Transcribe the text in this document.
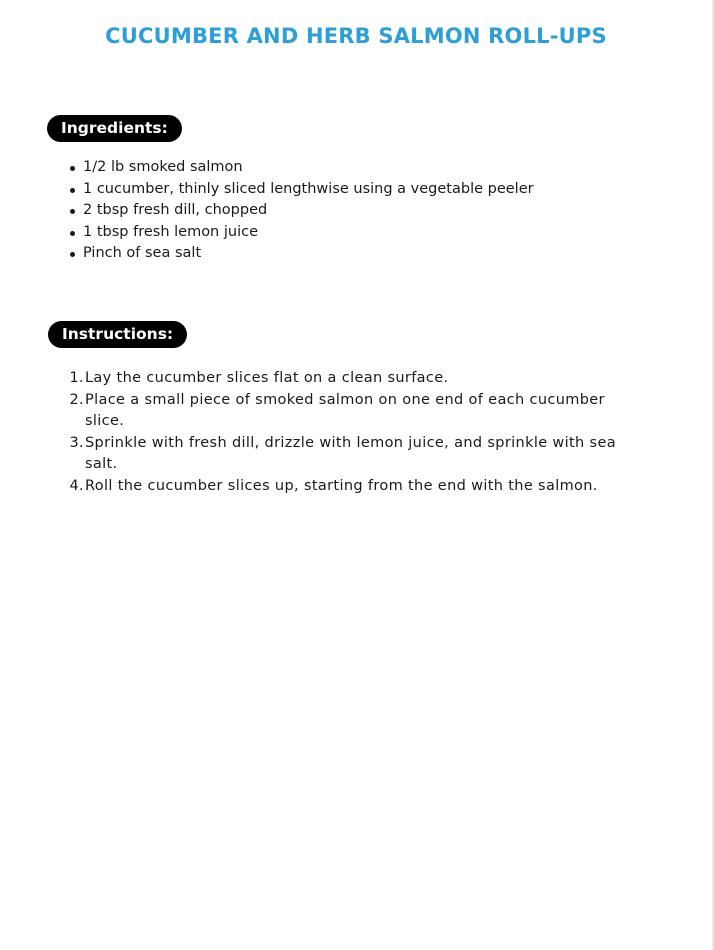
CUCUMBER AND HERB SALMON ROLL-UPS
Ingredients:
1/2 lb smoked salmon
1 cucumber, thinly sliced lengthwise using a vegetable peeler
2 tbsp fresh dill, chopped
1 tbsp fresh lemon juice
Pinch of sea salt
Instructions:
1. Lay the cucumber slices flat on a clean surface.
2. Place a small piece of smoked salmon on one end of each cucumber slice.
3. Sprinkle with fresh dill, drizzle with lemon juice, and sprinkle with sea salt.
4. Roll the cucumber slices up, starting from the end with the salmon.
